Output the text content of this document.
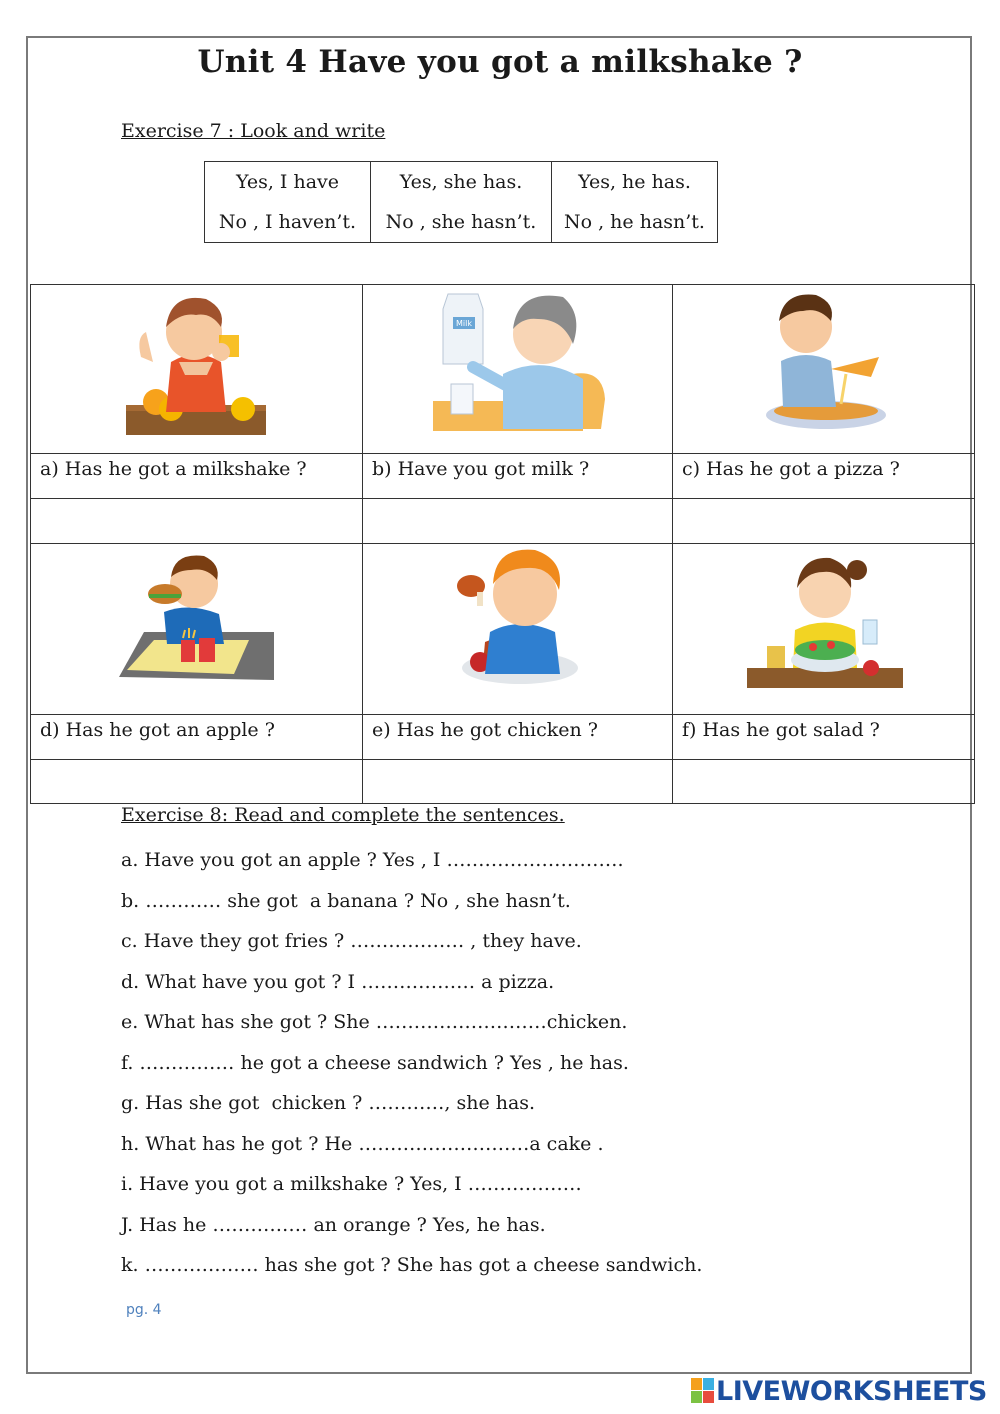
Unit 4 Have you got a milkshake ?
Exercise 7 : Look and write
Yes, I have
No , I haven’t.

Yes, she has.
No , she hasn’t.

Yes, he has.
No , he hasn’t.
Milk
a) Has he got a milkshake ?	b) Have you got milk ?	c) Has he got a pizza ?
d) Has he got an apple ?	e) Has he got chicken ?	f) Has he got salad ?
Exercise 8: Read and complete the sentences.
a. Have you got an apple ? Yes , I ……………………….
b. ………… she got  a banana ? No , she hasn’t.
c. Have they got fries ? ……………… , they have.
d. What have you got ? I ……………… a pizza.
e. What has she got ? She ………………………chicken.
f. …………… he got a cheese sandwich ? Yes , he has.
g. Has she got  chicken ? …………, she has.
h. What has he got ? He ………………………a cake .
i. Have you got a milkshake ? Yes, I ………………
J. Has he …………… an orange ? Yes, he has.
k. ……………… has she got ? She has got a cheese sandwich.
pg. 4
LIVEWORKSHEETS
